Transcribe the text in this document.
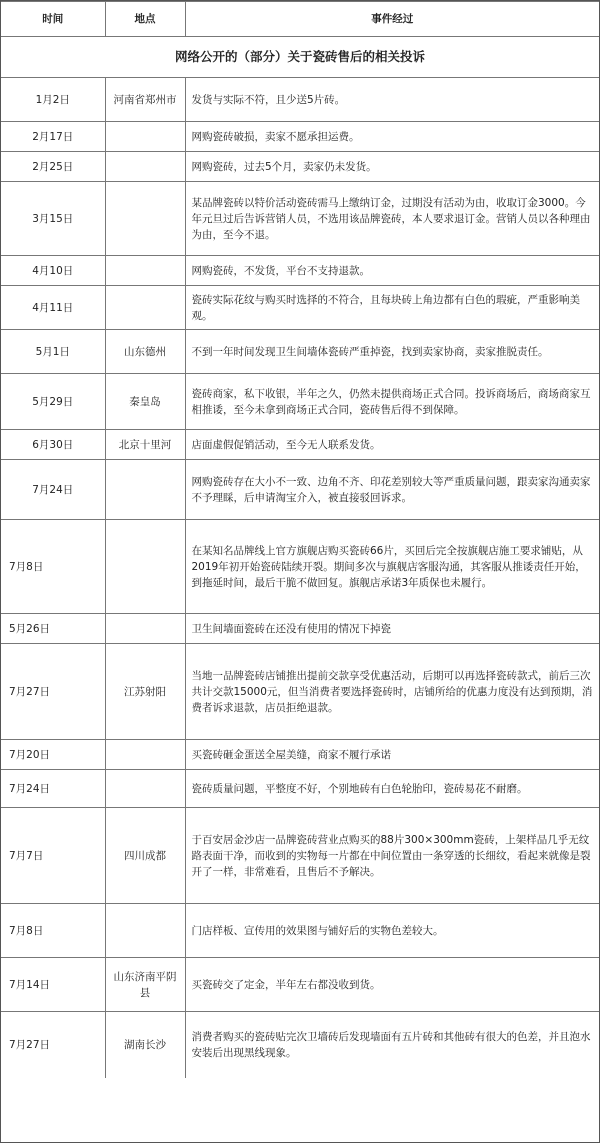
网络公开的（部分）关于瓷砖售后的相关投诉		
时间	地点	事件经过
1月2日	河南省郑州市	发货与实际不符，且少送5片砖。
2月17日		网购瓷砖破损，卖家不愿承担运费。
2月25日		网购瓷砖，过去5个月，卖家仍未发货。
3月15日		某品牌瓷砖以特价活动瓷砖需马上缴纳订金，过期没有活动为由，收取订金3000。今年元旦过后告诉营销人员，不选用该品牌瓷砖，本人要求退订金。营销人员以各种理由为由，至今不退。
4月10日		网购瓷砖，不发货，平台不支持退款。
4月11日		瓷砖实际花纹与购买时选择的不符合，且每块砖上角边都有白色的瑕疵，严重影响美观。
5月1日	山东德州	不到一年时间发现卫生间墙体瓷砖严重掉瓷，找到卖家协商，卖家推脱责任。
5月29日	秦皇岛	瓷砖商家，私下收银，半年之久，仍然未提供商场正式合同。投诉商场后，商场商家互相推诿，至今未拿到商场正式合同，瓷砖售后得不到保障。
6月30日	北京十里河	店面虚假促销活动，至今无人联系发货。
7月24日		网购瓷砖存在大小不一致、边角不齐、印花差别较大等严重质量问题，跟卖家沟通卖家不予理睬，后申请淘宝介入，被直接驳回诉求。
7月8日		在某知名品牌线上官方旗舰店购买瓷砖66片，买回后完全按旗舰店施工要求铺贴，从2019年初开始瓷砖陆续开裂。期间多次与旗舰店客服沟通，其客服从推诿责任开始，到拖延时间，最后干脆不做回复。旗舰店承诺3年质保也未履行。
5月26日		卫生间墙面瓷砖在还没有使用的情况下掉瓷
7月27日	江苏射阳	当地一品牌瓷砖店铺推出提前交款享受优惠活动，后期可以再选择瓷砖款式，前后三次共计交款15000元，但当消费者要选择瓷砖时，店铺所给的优惠力度没有达到预期，消费者诉求退款，店员拒绝退款。
7月20日		买瓷砖砸金蛋送全屋美缝，商家不履行承诺
7月24日		瓷砖质量问题，平整度不好，个别地砖有白色轮胎印，瓷砖易花不耐磨。
7月7日	四川成都	于百安居金沙店一品牌瓷砖营业点购买的88片300×300mm瓷砖，上架样品几乎无纹路表面干净，而收到的实物每一片都在中间位置由一条穿透的长细纹，看起来就像是裂开了一样，非常难看，且售后不予解决。
7月8日		门店样板、宣传用的效果图与铺好后的实物色差较大。
7月14日	山东济南平阴县	买瓷砖交了定金，半年左右都没收到货。
7月27日	湖南长沙	消费者购买的瓷砖贴完次卫墙砖后发现墙面有五片砖和其他砖有很大的色差，并且泡水安装后出现黑线现象。
